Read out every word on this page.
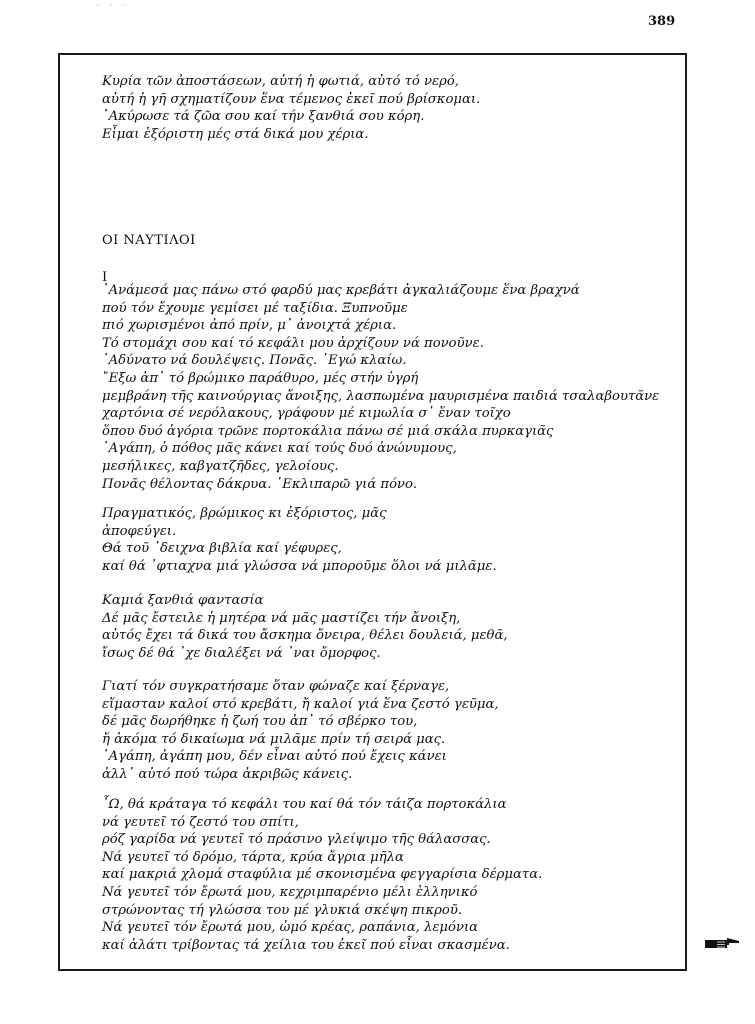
· · ·
389
Κυρία τῶν ἀποστάσεων, αὐτή ἡ φωτιά, αὐτό τό νερό,
αὐτή ἡ γῆ σχηματίζουν ἕνα τέμενος ἐκεῖ πού βρίσκομαι.
᾿Ακύρωσε τά ζῶα σου καί τήν ξανθιά σου κόρη.
Εἶμαι ἐξόριστη μές στά δικά μου χέρια.
ΟΙ ΝΑΥΤΙΛΟΙ
Ι
᾿Ανάμεσά μας πάνω στό φαρδύ μας κρεβάτι ἀγκαλιάζουμε ἕνα βραχνά
πού τόν ἔχουμε γεμίσει μέ ταξίδια. Ξυπνοῦμε
πιό χωρισμένοι ἀπό πρίν, μ᾿ ἀνοιχτά χέρια.
Τό στομάχι σου καί τό κεφάλι μου ἀρχίζουν νά πονοῦνε.
᾿Αδύνατο νά δουλέψεις. Πονᾶς. ᾿Εγώ κλαίω.
῎Εξω ἀπ᾿ τό βρώμικο παράθυρο, μές στήν ὑγρή
μεμβράνη τῆς καινούργιας ἄνοιξης, λασπωμένα μαυρισμένα παιδιά τσαλαβουτᾶνε
χαρτόνια σέ νερόλακους, γράφουν μέ κιμωλία σ᾿ ἕναν τοῖχο
ὅπου δυό ἀγόρια τρῶνε πορτοκάλια πάνω σέ μιά σκάλα πυρκαγιᾶς
᾿Αγάπη, ὁ πόθος μᾶς κάνει καί τούς δυό ἀνώνυμους,
μεσήλικες, καβγατζῆδες, γελοίους.
Πονᾶς θέλοντας δάκρυα. ᾿Εκλιπαρῶ γιά πόνο.
Πραγματικός, βρώμικος κι ἐξόριστος, μᾶς
ἀποφεύγει.
Θά τοῦ ᾿δειχνα βιβλία καί γέφυρες,
καί θά ᾿φτιαχνα μιά γλώσσα νά μποροῦμε ὅλοι νά μιλᾶμε.
Καμιά ξανθιά φαντασία
Δέ μᾶς ἔστειλε ἡ μητέρα νά μᾶς μαστίζει τήν ἄνοιξη,
αὐτός ἔχει τά δικά του ἄσκημα ὄνειρα, θέλει δουλειά, μεθᾶ,
ἴσως δέ θά ᾿χε διαλέξει νά ᾿ναι ὄμορφος.
Γιατί τόν συγκρατήσαμε ὅταν φώναζε καί ξέρναγε,
εἴμασταν καλοί στό κρεβάτι, ἤ καλοί γιά ἕνα ζεστό γεῦμα,
δέ μᾶς δωρήθηκε ἡ ζωή του ἀπ᾿ τό σβέρκο του,
ἤ ἀκόμα τό δικαίωμα νά μιλᾶμε πρίν τή σειρά μας.
᾿Αγάπη, ἀγάπη μου, δέν εἶναι αὐτό πού ἔχεις κάνει
ἀλλ᾿ αὐτό πού τώρα ἀκριβῶς κάνεις.
῏Ω, θά κράταγα τό κεφάλι του καί θά τόν τάιζα πορτοκάλια
νά γευτεῖ τό ζεστό του σπίτι,
ρόζ γαρίδα νά γευτεῖ τό πράσινο γλείψιμο τῆς θάλασσας.
Νά γευτεῖ τό δρόμο, τάρτα, κρύα ἄγρια μῆλα
καί μακριά χλομά σταφύλια μέ σκονισμένα φεγγαρίσια δέρματα.
Νά γευτεῖ τόν ἔρωτά μου, κεχριμπαρένιο μέλι ἑλληνικό
στρώνοντας τή γλώσσα του μέ γλυκιά σκέψη πικροῦ.
Νά γευτεῖ τόν ἔρωτά μου, ὠμό κρέας, ραπάνια, λεμόνια
καί ἁλάτι τρίβοντας τά χείλια του ἐκεῖ πού εἶναι σκασμένα.
